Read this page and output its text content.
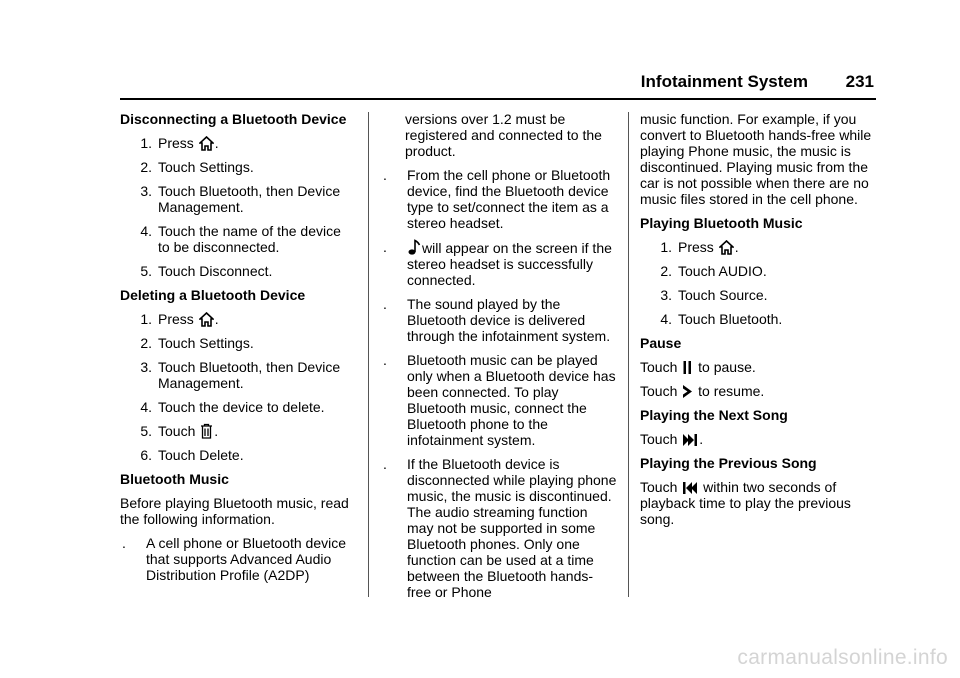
Infotainment System 231
Disconnecting a Bluetooth Device
1. Press .
2. Touch Settings.
3. Touch Bluetooth, then Device Management.
4. Touch the name of the device to be disconnected.
5. Touch Disconnect.
Deleting a Bluetooth Device
1. Press .
2. Touch Settings.
3. Touch Bluetooth, then Device Management.
4. Touch the device to delete.
5. Touch .
6. Touch Delete.
Bluetooth Music
Before playing Bluetooth music, read the following information.
.	A cell phone or Bluetooth device that supports Advanced Audio Distribution Profile (A2DP)
versions over 1.2 must be registered and connected to the product.
.	From the cell phone or Bluetooth device, find the Bluetooth device type to set/connect the item as a stereo headset.
.	will appear on the screen if the stereo headset is successfully connected.
.	The sound played by the Bluetooth device is delivered through the infotainment system.
.	Bluetooth music can be played only when a Bluetooth device has been connected. To play Bluetooth music, connect the Bluetooth phone to the infotainment system.
.	If the Bluetooth device is disconnected while playing phone music, the music is discontinued. The audio streaming function may not be supported in some Bluetooth phones. Only one function can be used at a time between the Bluetooth hands-free or Phone
music function. For example, if you convert to Bluetooth hands-free while playing Phone music, the music is discontinued. Playing music from the car is not possible when there are no music files stored in the cell phone.
Playing Bluetooth Music
1. Press .
2. Touch AUDIO.
3. Touch Source.
4. Touch Bluetooth.
Pause
Touch to pause.
Touch to resume.
Playing the Next Song
Touch .
Playing the Previous Song
Touch within two seconds of playback time to play the previous song.
carmanualsonline.info
